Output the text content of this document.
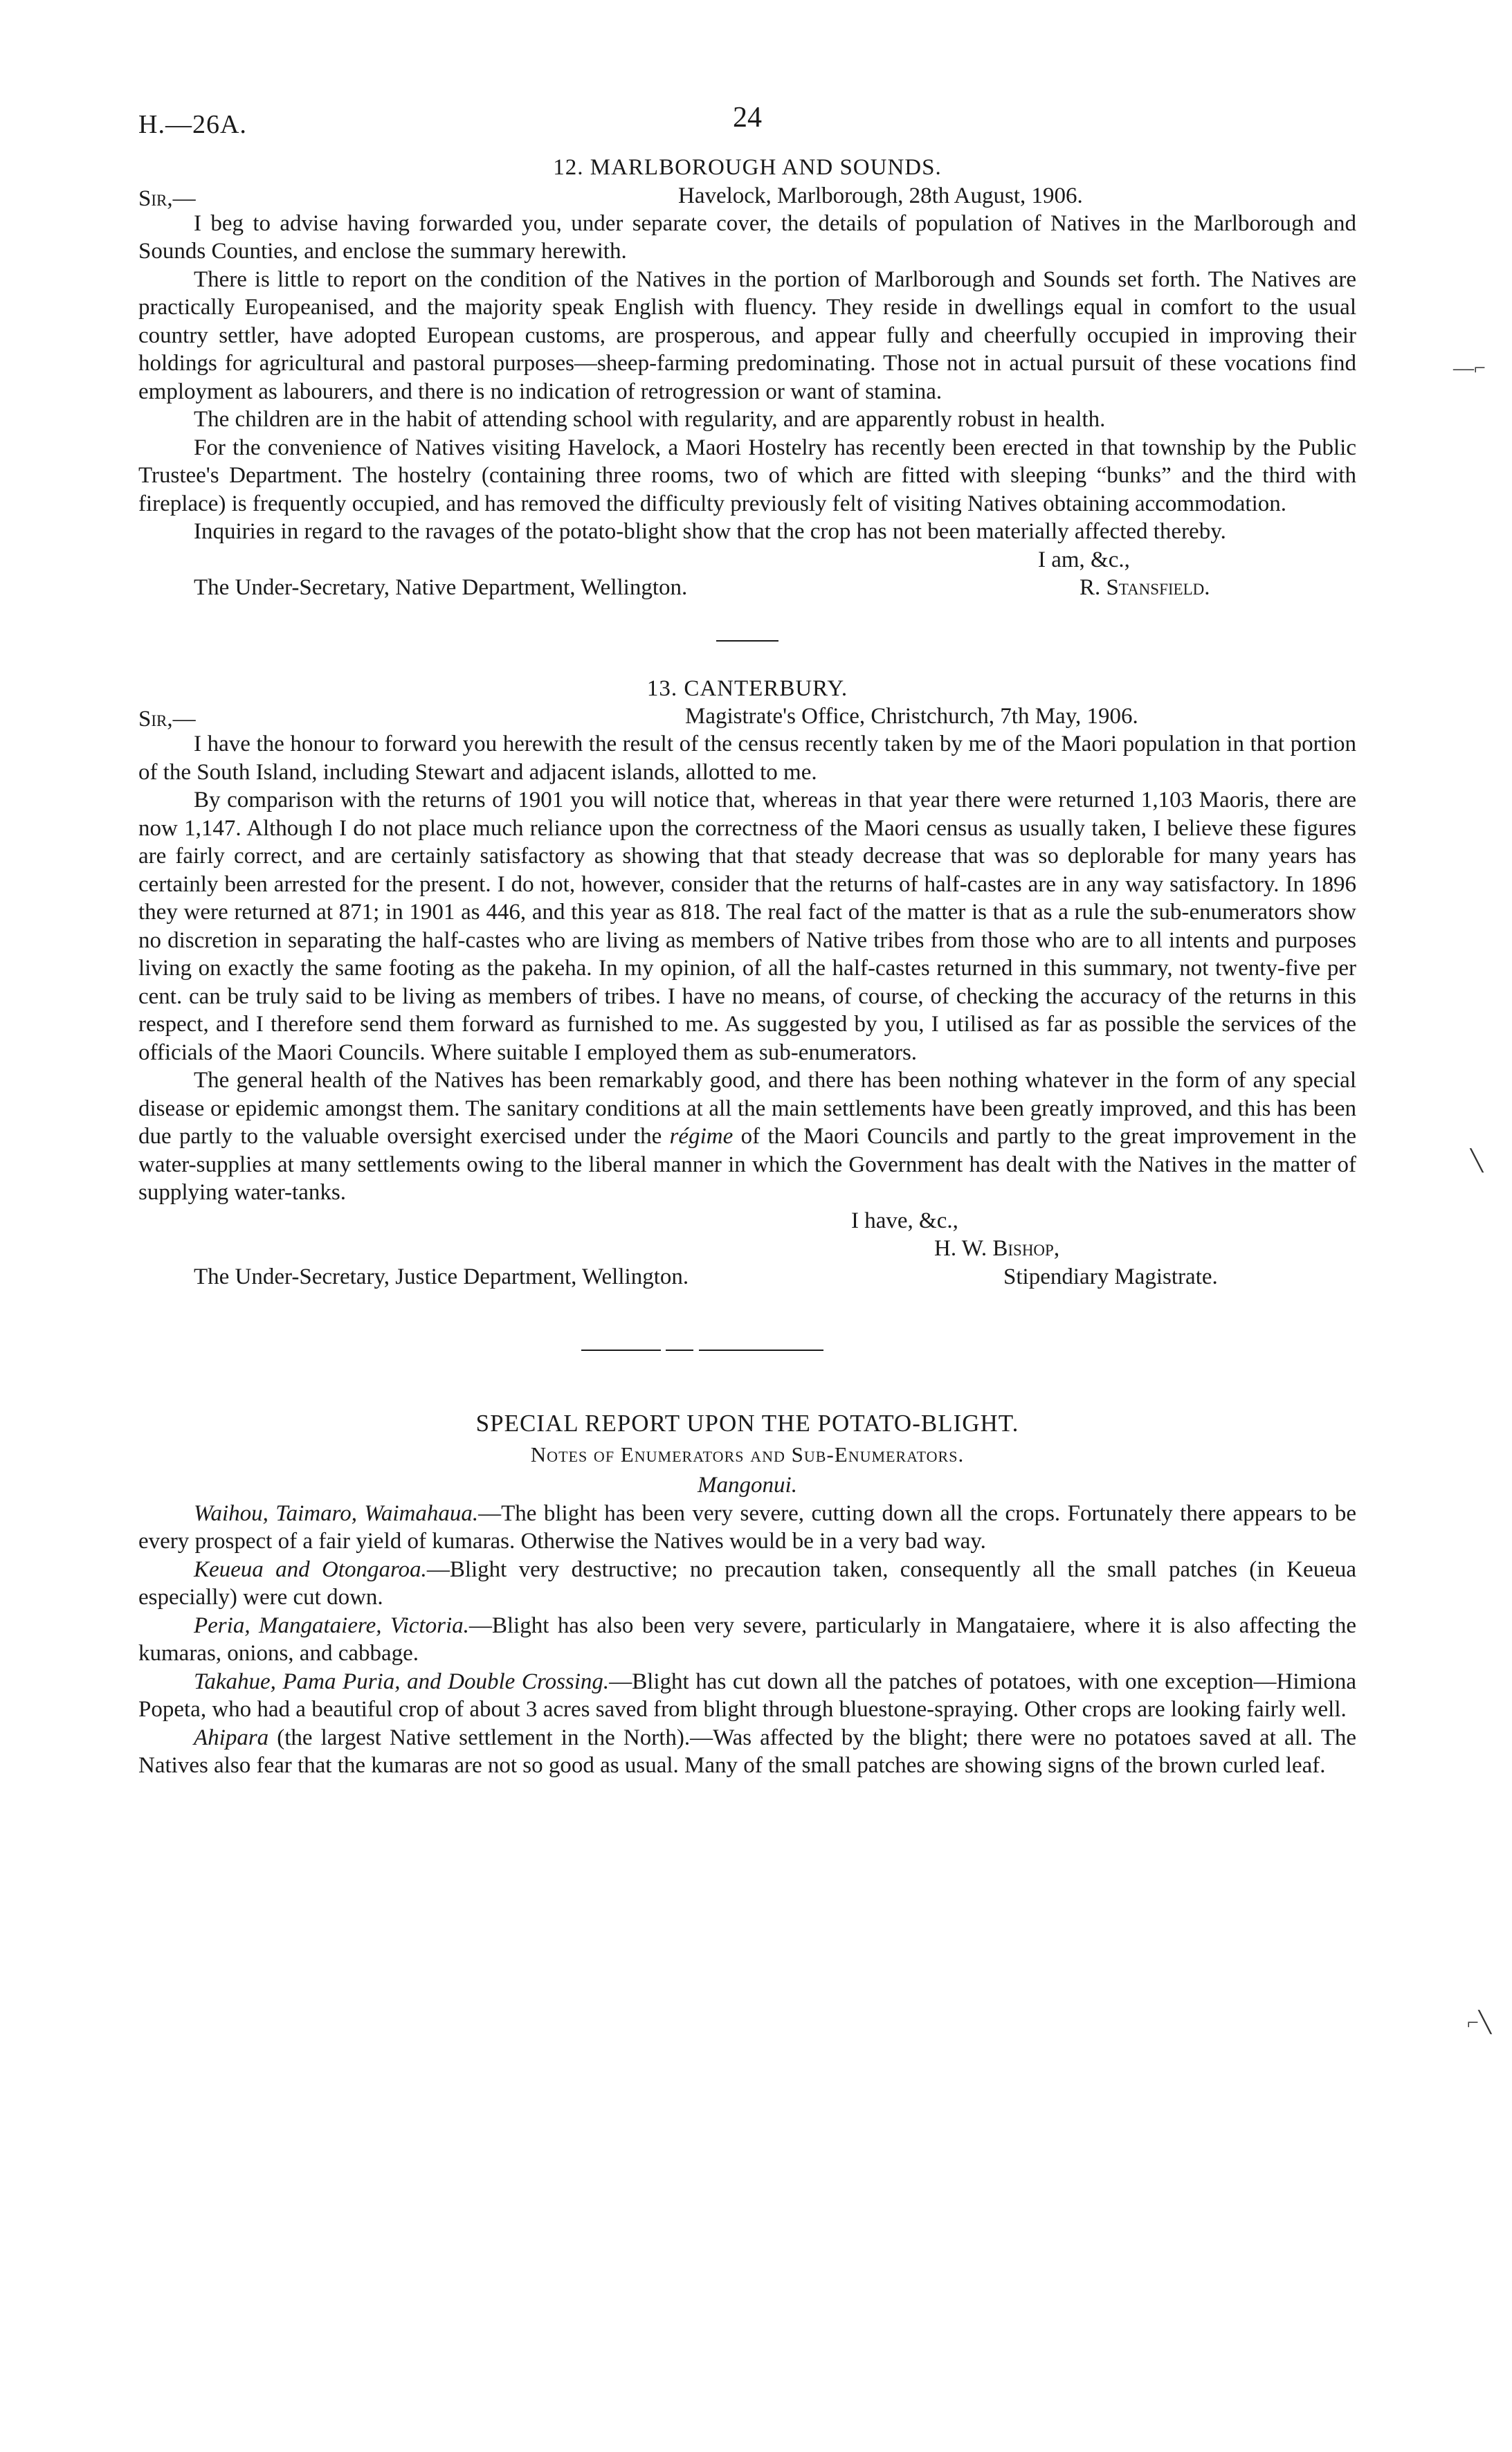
H.—26A.	24
12. MARLBOROUGH AND SOUNDS.
Sir,—	Havelock, Marlborough, 28th August, 1906.

I beg to advise having forwarded you, under separate cover, the details of population of Natives in the Marlborough and Sounds Counties, and enclose the summary herewith.

There is little to report on the condition of the Natives in the portion of Marlborough and Sounds set forth. The Natives are practically Europeanised, and the majority speak English with fluency. They reside in dwellings equal in comfort to the usual country settler, have adopted European customs, are prosperous, and appear fully and cheerfully occupied in improving their holdings for agricultural and pastoral purposes—sheep-farming predominating. Those not in actual pursuit of these vocations find employment as labourers, and there is no indication of retrogression or want of stamina.

The children are in the habit of attending school with regularity, and are apparently robust in health.

For the convenience of Natives visiting Havelock, a Maori Hostelry has recently been erected in that township by the Public Trustee's Department. The hostelry (containing three rooms, two of which are fitted with sleeping “bunks” and the third with fireplace) is frequently occupied, and has removed the difficulty previously felt of visiting Natives obtaining accommodation.

Inquiries in regard to the ravages of the potato-blight show that the crop has not been materially affected thereby.

I am, &c.,
The Under-Secretary, Native Department, Wellington.	R. Stansfield.
13. CANTERBURY.
Sir,—	Magistrate's Office, Christchurch, 7th May, 1906.

I have the honour to forward you herewith the result of the census recently taken by me of the Maori population in that portion of the South Island, including Stewart and adjacent islands, allotted to me.

By comparison with the returns of 1901 you will notice that, whereas in that year there were returned 1,103 Maoris, there are now 1,147. Although I do not place much reliance upon the correctness of the Maori census as usually taken, I believe these figures are fairly correct, and are certainly satisfactory as showing that that steady decrease that was so deplorable for many years has certainly been arrested for the present. I do not, however, consider that the returns of half-castes are in any way satisfactory. In 1896 they were returned at 871; in 1901 as 446, and this year as 818. The real fact of the matter is that as a rule the sub-enumerators show no discretion in separating the half-castes who are living as members of Native tribes from those who are to all intents and purposes living on exactly the same footing as the pakeha. In my opinion, of all the half-castes returned in this summary, not twenty-five per cent. can be truly said to be living as members of tribes. I have no means, of course, of checking the accuracy of the returns in this respect, and I therefore send them forward as furnished to me. As suggested by you, I utilised as far as possible the services of the officials of the Maori Councils. Where suitable I employed them as sub-enumerators.

The general health of the Natives has been remarkably good, and there has been nothing whatever in the form of any special disease or epidemic amongst them. The sanitary conditions at all the main settlements have been greatly improved, and this has been due partly to the valuable oversight exercised under the régime of the Maori Councils and partly to the great improvement in the water-supplies at many settlements owing to the liberal manner in which the Government has dealt with the Natives in the matter of supplying water-tanks.

I have, &c.,
H. W. Bishop,
The Under-Secretary, Justice Department, Wellington.	Stipendiary Magistrate.
SPECIAL REPORT UPON THE POTATO-BLIGHT.
Notes of Enumerators and Sub-Enumerators.
Mangonui.

Waihou, Taimaro, Waimahaua.—The blight has been very severe, cutting down all the crops. Fortunately there appears to be every prospect of a fair yield of kumaras. Otherwise the Natives would be in a very bad way.

Keueua and Otongaroa.—Blight very destructive; no precaution taken, consequently all the small patches (in Keueua especially) were cut down.

Peria, Mangataiere, Victoria.—Blight has also been very severe, particularly in Mangataiere, where it is also affecting the kumaras, onions, and cabbage.

Takahue, Pama Puria, and Double Crossing.—Blight has cut down all the patches of potatoes, with one exception—Himiona Popeta, who had a beautiful crop of about 3 acres saved from blight through bluestone-spraying. Other crops are looking fairly well.

Ahipara (the largest Native settlement in the North).—Was affected by the blight; there were no potatoes saved at all. The Natives also fear that the kumaras are not so good as usual. Many of the small patches are showing signs of the brown curled leaf.

—⌐
╲
⌐╲
